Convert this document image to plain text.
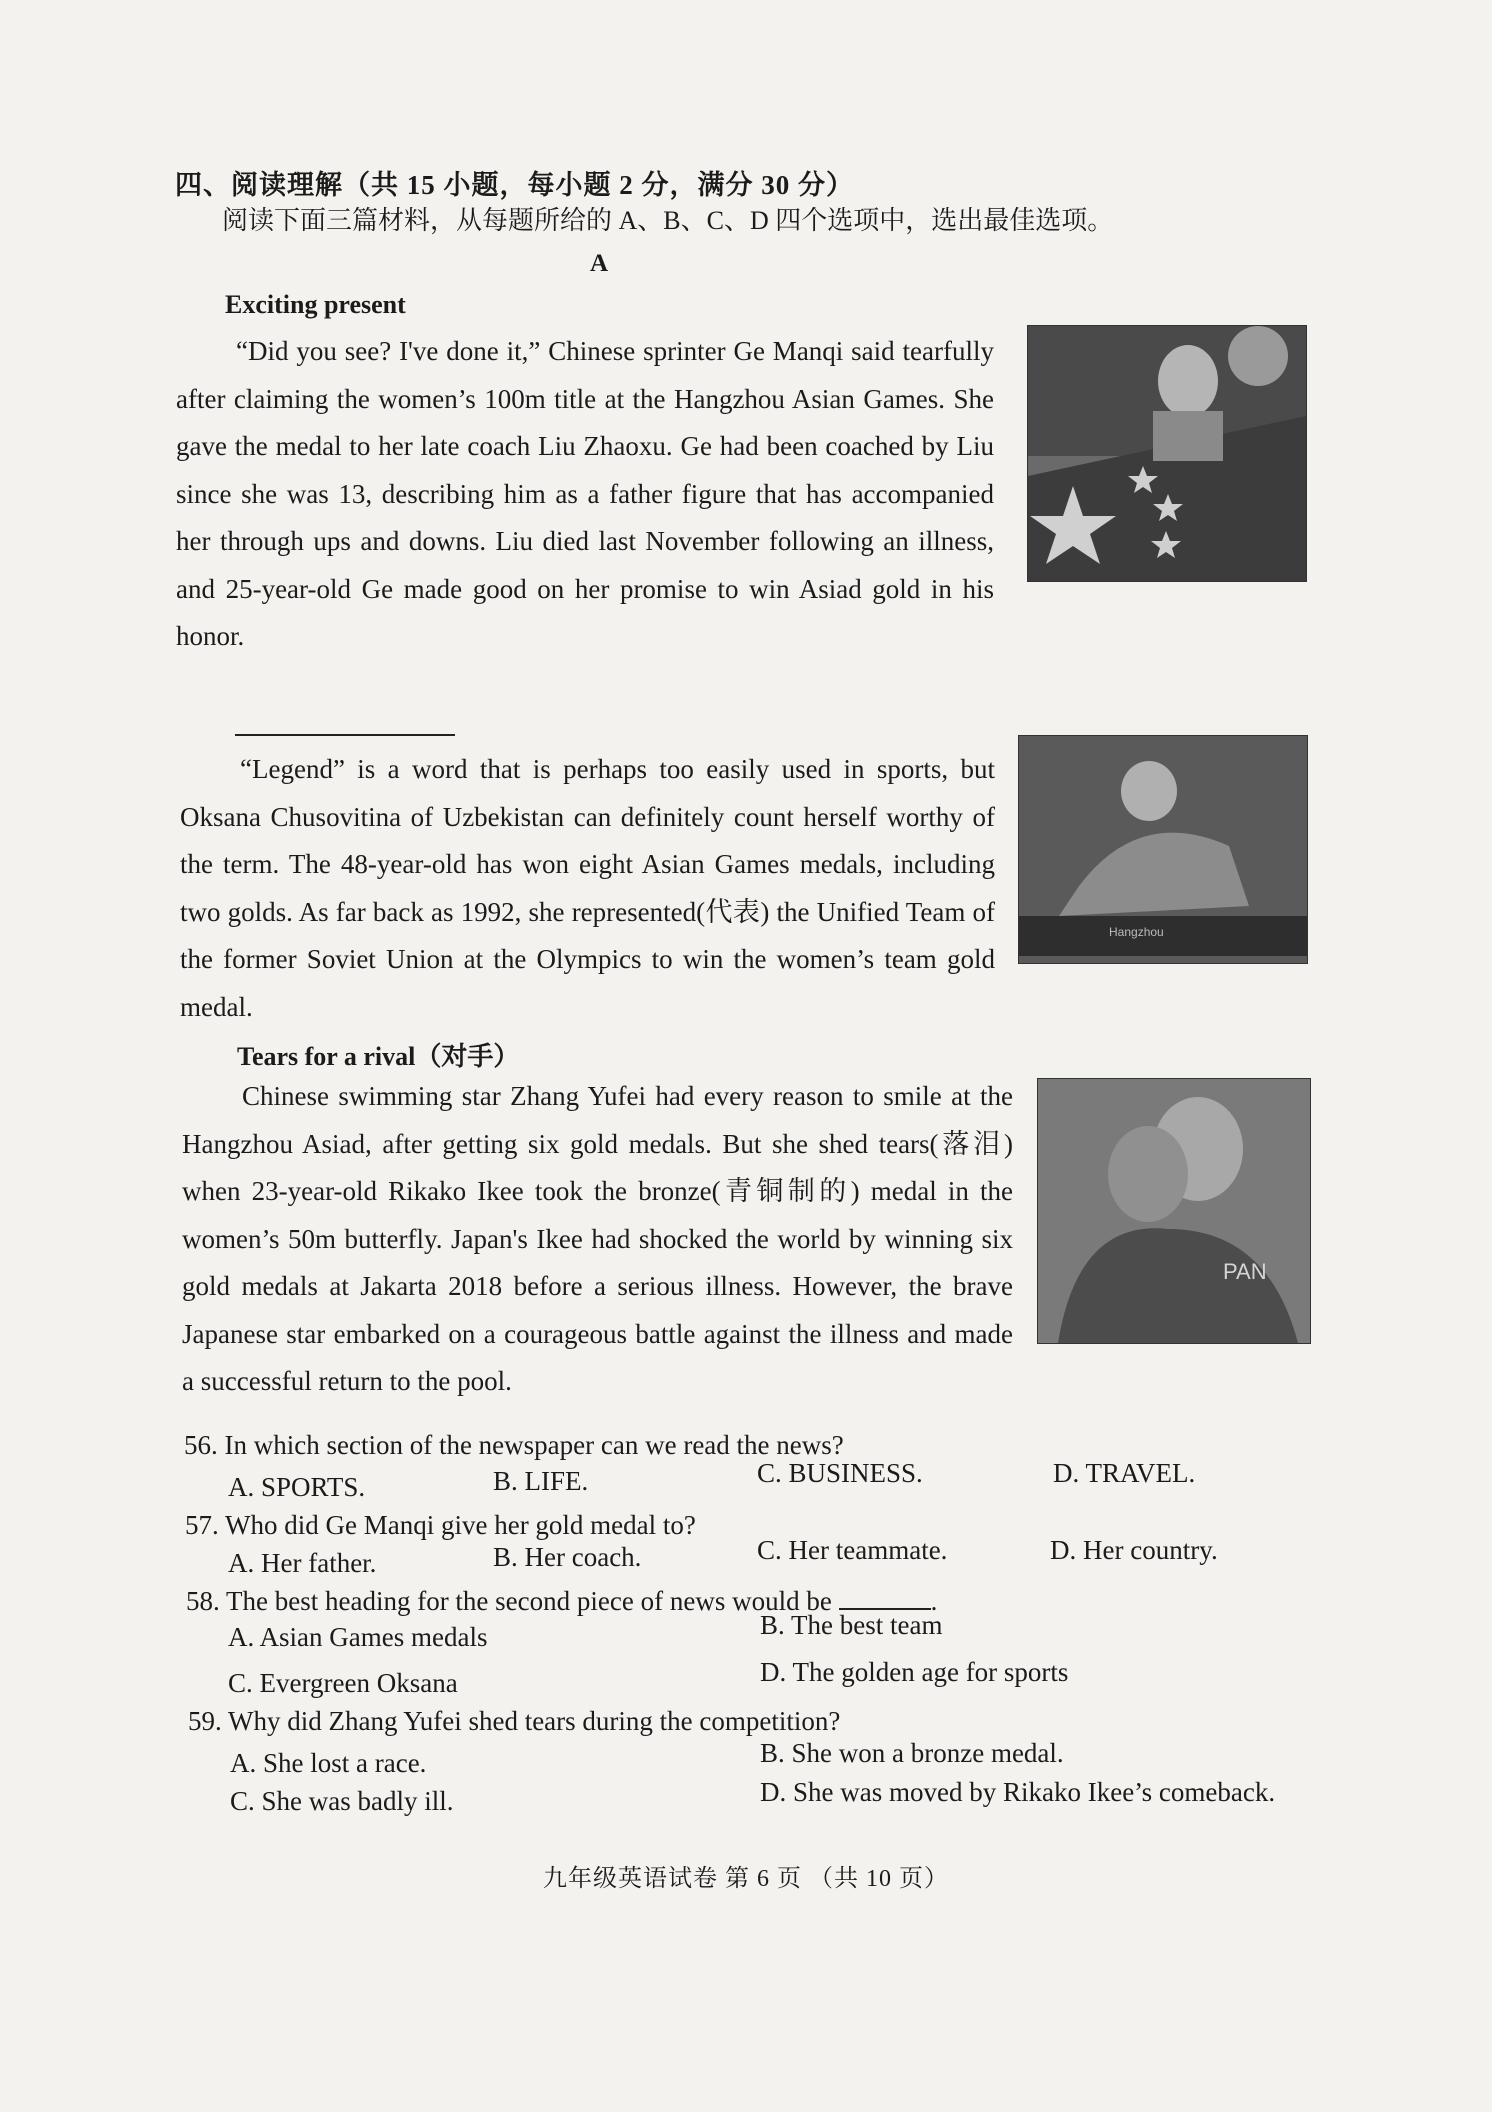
四、阅读理解（共 15 小题，每小题 2 分，满分 30 分）
阅读下面三篇材料，从每题所给的 A、B、C、D 四个选项中，选出最佳选项。
A
Exciting present
“Did you see? I've done it,” Chinese sprinter Ge Manqi said tearfully after claiming the women’s 100m title at the Hangzhou Asian Games. She gave the medal to her late coach Liu Zhaoxu. Ge had been coached by Liu since she was 13, describing him as a father figure that has accompanied her through ups and downs. Liu died last November following an illness, and 25-year-old Ge made good on her promise to win Asiad gold in his honor.
“Legend” is a word that is perhaps too easily used in sports, but Oksana Chusovitina of Uzbekistan can definitely count herself worthy of the term. The 48-year-old has won eight Asian Games medals, including two golds. As far back as 1992, she represented(代表) the Unified Team of the former Soviet Union at the Olympics to win the women’s team gold medal.
Hangzhou
Tears for a rival（对手）
Chinese swimming star Zhang Yufei had every reason to smile at the Hangzhou Asiad, after getting six gold medals. But she shed tears(落泪) when 23-year-old Rikako Ikee took the bronze(青铜制的) medal in the women’s 50m butterfly. Japan's Ikee had shocked the world by winning six gold medals at Jakarta 2018 before a serious illness. However, the brave Japanese star embarked on a courageous battle against the illness and made a successful return to the pool.
PAN
56. In which section of the newspaper can we read the news?
A. SPORTS.	B. LIFE.	C. BUSINESS.	D. TRAVEL.
57. Who did Ge Manqi give her gold medal to?
A. Her father.	B. Her coach.	C. Her teammate.	D. Her country.
58. The best heading for the second piece of news would be	.
A. Asian Games medals	B. The best team
C. Evergreen Oksana	D. The golden age for sports
59. Why did Zhang Yufei shed tears during the competition?
A. She lost a race.	B. She won a bronze medal.
C. She was badly ill.	D. She was moved by Rikako Ikee’s comeback.
九年级英语试卷 第 6 页 （共 10 页）
